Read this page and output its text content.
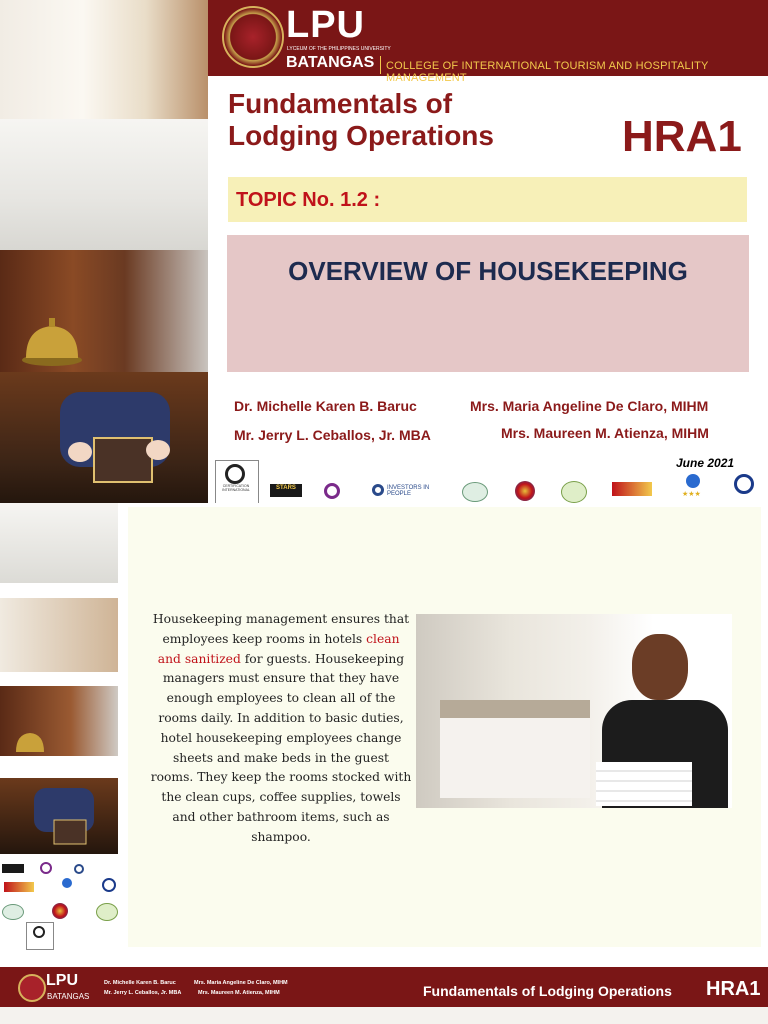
LPU
LYCEUM OF THE PHILIPPINES UNIVERSITY
BATANGAS COLLEGE OF INTERNATIONAL TOURISM AND HOSPITALITY MANAGEMENT
Fundamentals of
Lodging Operations	HRA1
TOPIC No. 1.2 :
OVERVIEW OF HOUSEKEEPING
Dr. Michelle Karen B. Baruc
Mr. Jerry L. Ceballos, Jr. MBA
Mrs. Maria Angeline De Claro, MIHM
Mrs. Maureen M. Atienza, MIHM
June 2021
CERTIFICATION INTERNATIONAL	STARS	INVESTORS IN PEOPLE	★★★
Housekeeping management ensures that employees keep rooms in hotels clean and sanitized for guests. Housekeeping managers must ensure that they have enough employees to clean all of the rooms daily. In addition to basic duties, hotel housekeeping employees change sheets and make beds in the guest rooms. They keep the rooms stocked with the clean cups, coffee supplies, towels and other bathroom items, such as shampoo.
LPU
BATANGAS
Dr. Michelle Karen B. Baruc
Mr. Jerry L. Ceballos, Jr. MBA
Mrs. Maria Angeline De Claro, MIHM
Mrs. Maureen M. Atienza, MIHM	Fundamentals of Lodging Operations HRA1
